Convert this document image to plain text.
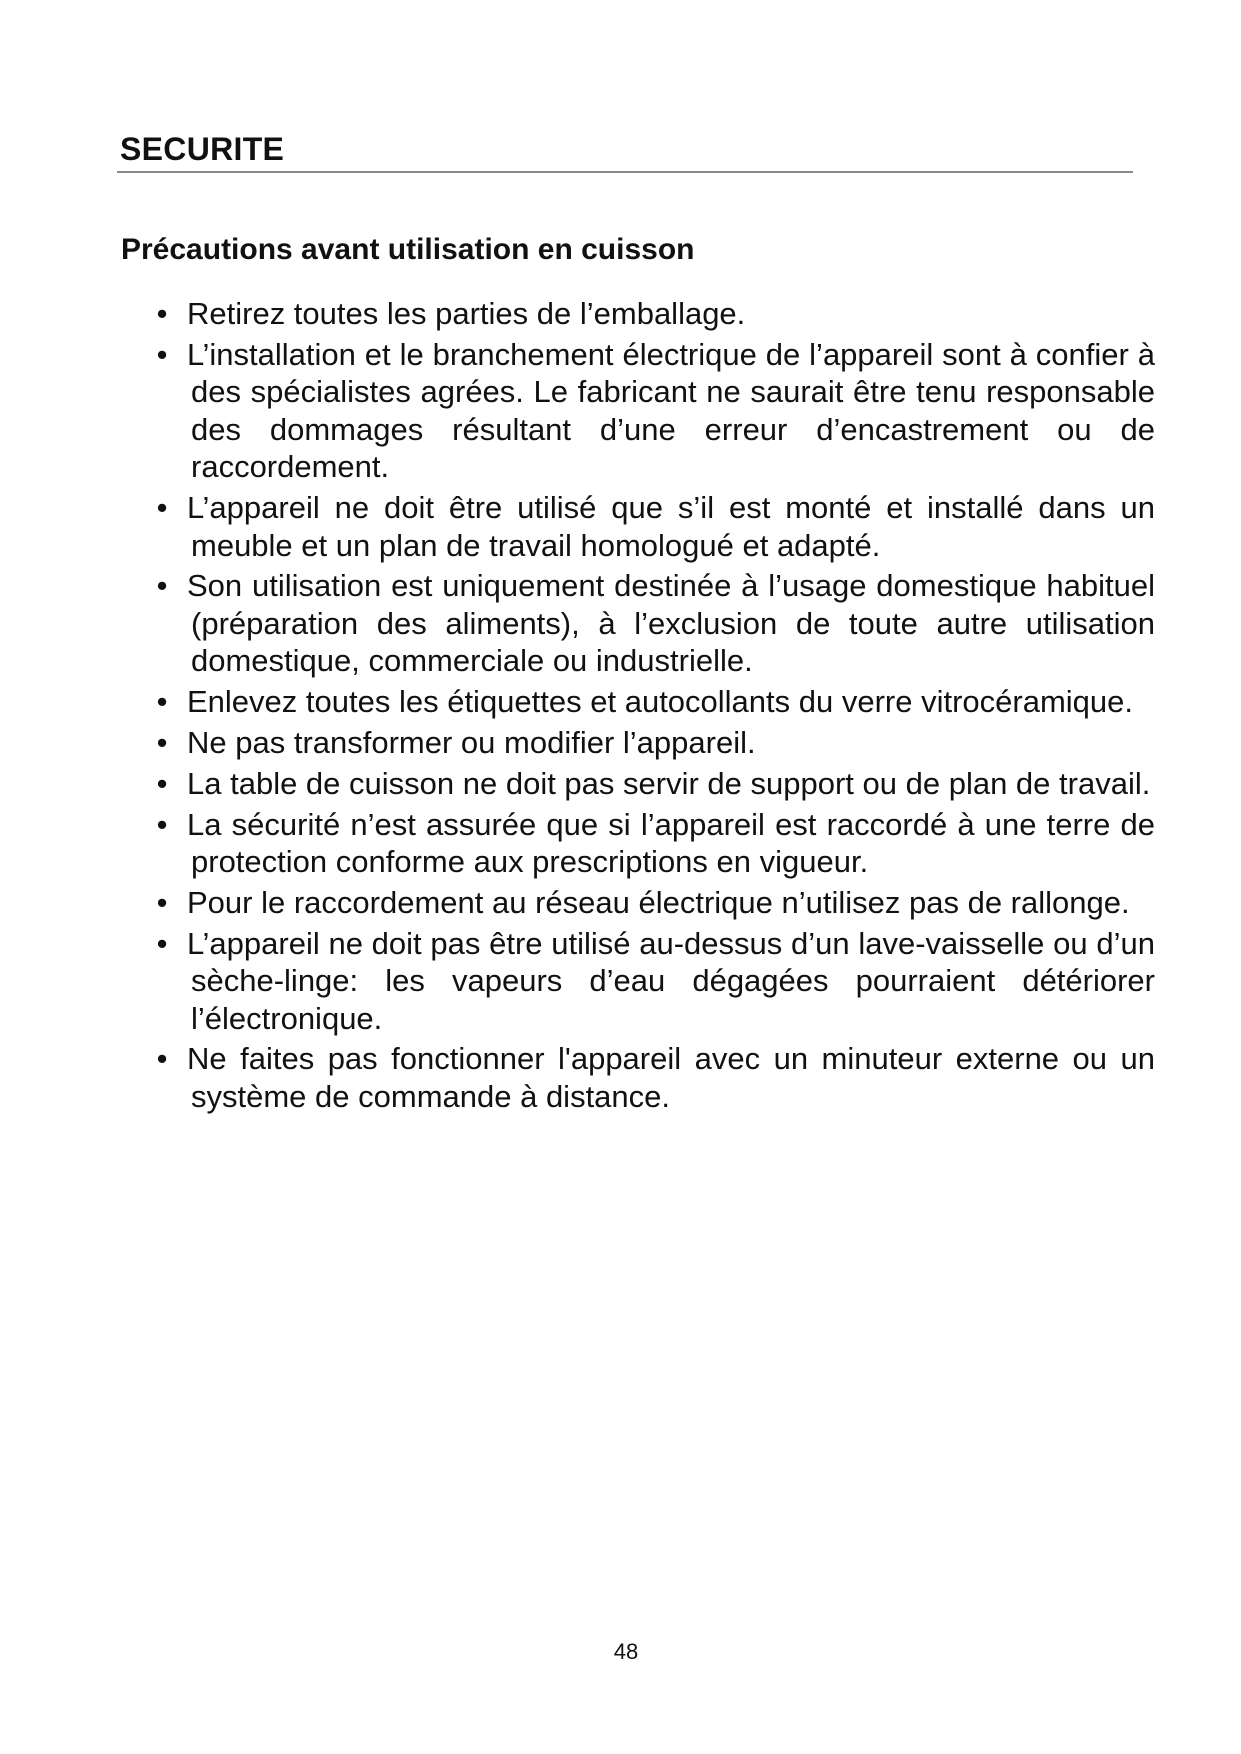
SECURITE
Précautions avant utilisation en cuisson
• Retirez toutes les parties de l’emballage.
• L’installation et le branchement électrique de l’appareil sont à confier à des spécialistes agrées. Le fabricant ne saurait être tenu responsable des dommages résultant d’une erreur d’encastrement ou de raccordement.
• L’appareil ne doit être utilisé que s’il est monté et installé dans un meuble et un plan de travail homologué et adapté.
• Son utilisation est uniquement destinée à l’usage domestique habituel (préparation des aliments), à l’exclusion de toute autre utilisation domestique, commerciale ou industrielle.
• Enlevez toutes les étiquettes et autocollants du verre vitrocéramique.
• Ne pas transformer ou modifier l’appareil.
• La table de cuisson ne doit pas servir de support ou de plan de travail.
• La sécurité n’est assurée que si l’appareil est raccordé à une terre de protection conforme aux prescriptions en vigueur.
• Pour le raccordement au réseau électrique n’utilisez pas de rallonge.
• L’appareil ne doit pas être utilisé au-dessus d’un lave-vaisselle ou d’un sèche-linge: les vapeurs d’eau dégagées pourraient détériorer l’électronique.
• Ne faites pas fonctionner l'appareil avec un minuteur externe ou un système de commande à distance.

48
